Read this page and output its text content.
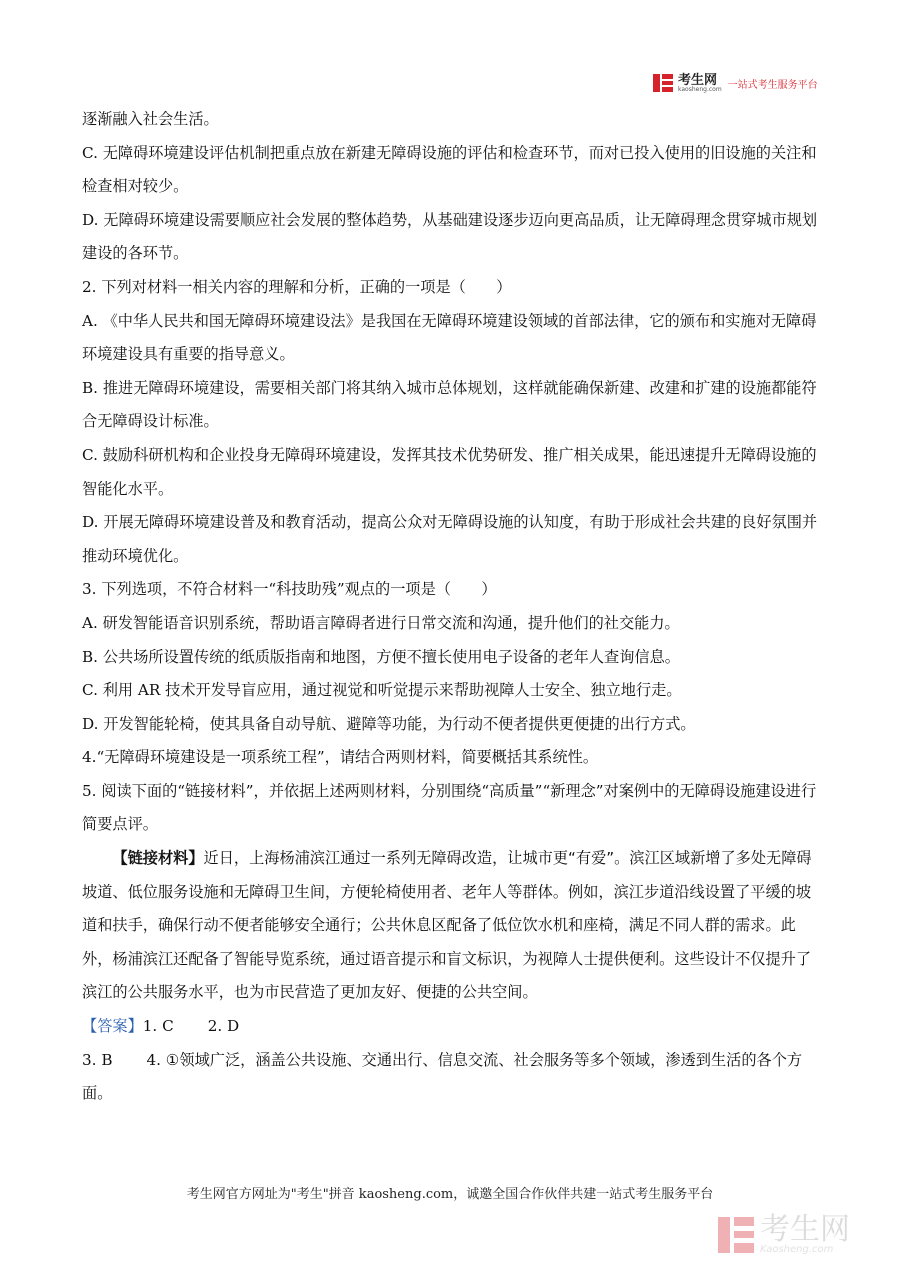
考生网
kaosheng.com 一站式考生服务平台

逐渐融入社会生活。

C. 无障碍环境建设评估机制把重点放在新建无障碍设施的评估和检查环节，而对已投入使用的旧设施的关注和检查相对较少。

D. 无障碍环境建设需要顺应社会发展的整体趋势，从基础建设逐步迈向更高品质，让无障碍理念贯穿城市规划建设的各环节。

2. 下列对材料一相关内容的理解和分析，正确的一项是（　　）

A. 《中华人民共和国无障碍环境建设法》是我国在无障碍环境建设领域的首部法律，它的颁布和实施对无障碍环境建设具有重要的指导意义。

B. 推进无障碍环境建设，需要相关部门将其纳入城市总体规划，这样就能确保新建、改建和扩建的设施都能符合无障碍设计标准。

C. 鼓励科研机构和企业投身无障碍环境建设，发挥其技术优势研发、推广相关成果，能迅速提升无障碍设施的智能化水平。

D. 开展无障碍环境建设普及和教育活动，提高公众对无障碍设施的认知度，有助于形成社会共建的良好氛围并推动环境优化。

3. 下列选项，不符合材料一“科技助残”观点的一项是（　　）

A. 研发智能语音识别系统，帮助语言障碍者进行日常交流和沟通，提升他们的社交能力。

B. 公共场所设置传统的纸质版指南和地图，方便不擅长使用电子设备的老年人查询信息。

C. 利用 AR 技术开发导盲应用，通过视觉和听觉提示来帮助视障人士安全、独立地行走。

D. 开发智能轮椅，使其具备自动导航、避障等功能，为行动不便者提供更便捷的出行方式。

4.“无障碍环境建设是一项系统工程”，请结合两则材料，简要概括其系统性。

5. 阅读下面的“链接材料”，并依据上述两则材料，分别围绕“高质量”“新理念”对案例中的无障碍设施建设进行简要点评。

【链接材料】近日，上海杨浦滨江通过一系列无障碍改造，让城市更“有爱”。滨江区域新增了多处无障碍坡道、低位服务设施和无障碍卫生间，方便轮椅使用者、老年人等群体。例如，滨江步道沿线设置了平缓的坡道和扶手，确保行动不便者能够安全通行；公共休息区配备了低位饮水机和座椅，满足不同人群的需求。此外，杨浦滨江还配备了智能导览系统，通过语音提示和盲文标识，为视障人士提供便利。这些设计不仅提升了滨江的公共服务水平，也为市民营造了更加友好、便捷的公共空间。

【答案】1. C 2. D

3. B 4. ①领域广泛，涵盖公共设施、交通出行、信息交流、社会服务等多个领域，渗透到生活的各个方面。

考生网官方网址为"考生"拼音 kaosheng.com，诚邀全国合作伙伴共建一站式考生服务平台
考生网
Kaosheng.com
